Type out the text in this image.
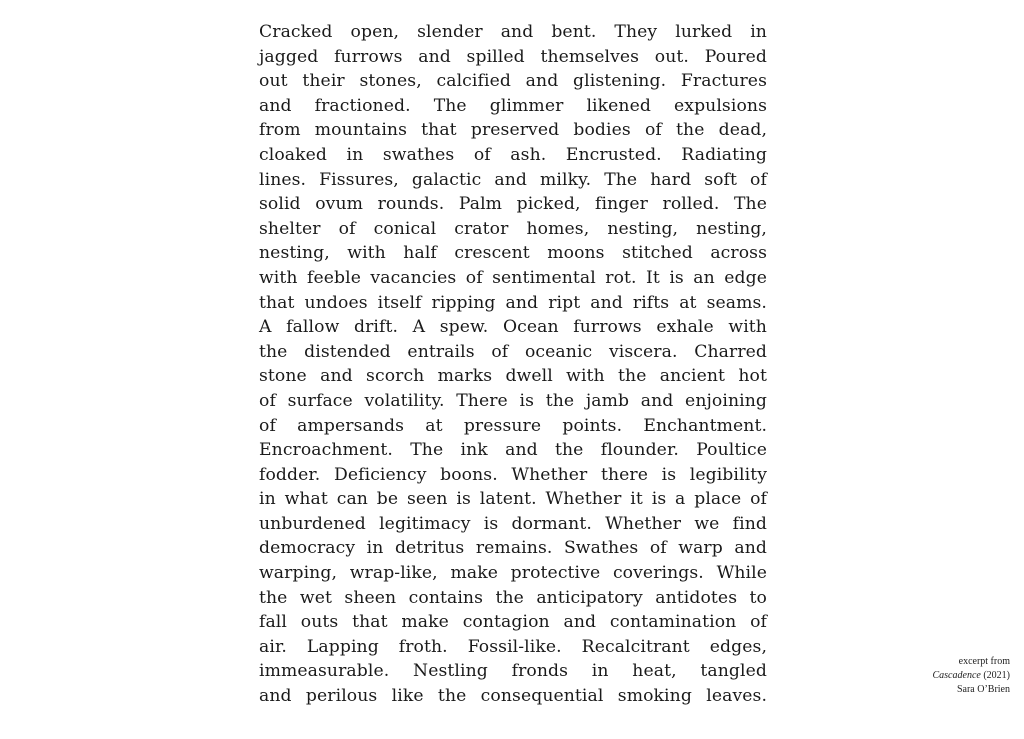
Cracked open, slender and bent. They lurked in
jagged furrows and spilled themselves out. Poured
out their stones, calcified and glistening. Fractures
and fractioned. The glimmer likened expulsions
from mountains that preserved bodies of the dead,
cloaked in swathes of ash. Encrusted. Radiating
lines. Fissures, galactic and milky. The hard soft of
solid ovum rounds. Palm picked, finger rolled. The
shelter of conical crator homes, nesting, nesting,
nesting, with half crescent moons stitched across
with feeble vacancies of sentimental rot. It is an edge
that undoes itself ripping and ript and rifts at seams.
A fallow drift. A spew. Ocean furrows exhale with
the distended entrails of oceanic viscera. Charred
stone and scorch marks dwell with the ancient hot
of surface volatility. There is the jamb and enjoining
of ampersands at pressure points. Enchantment.
Encroachment. The ink and the flounder. Poultice
fodder. Deficiency boons. Whether there is legibility
in what can be seen is latent. Whether it is a place of
unburdened legitimacy is dormant. Whether we find
democracy in detritus remains. Swathes of warp and
warping, wrap-like, make protective coverings. While
the wet sheen contains the anticipatory antidotes to
fall outs that make contagion and contamination of
air. Lapping froth. Fossil-like. Recalcitrant edges,
immeasurable. Nestling fronds in heat, tangled
and perilous like the consequential smoking leaves.
excerpt from
Cascadence (2021)
Sara O’Brien
